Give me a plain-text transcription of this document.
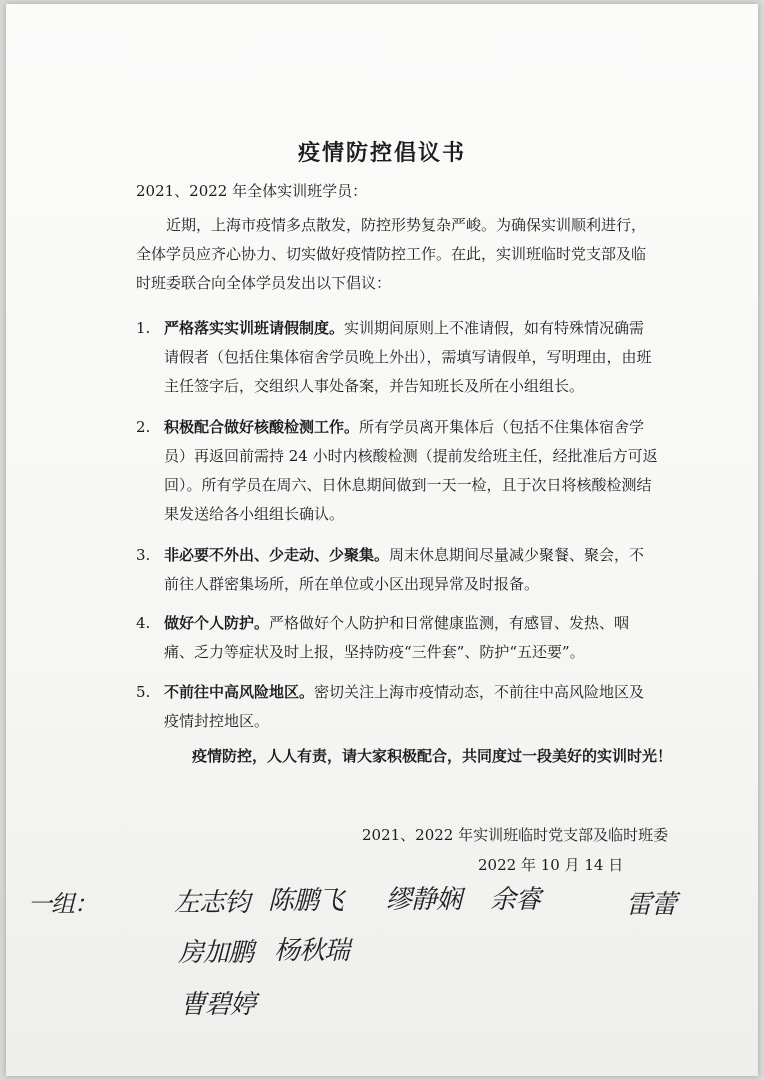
疫情防控倡议书
2021、2022 年全体实训班学员：
近期，上海市疫情多点散发，防控形势复杂严峻。为确保实训顺利进行，全体学员应齐心协力、切实做好疫情防控工作。在此，实训班临时党支部及临时班委联合向全体学员发出以下倡议：
1. 严格落实实训班请假制度。实训期间原则上不准请假，如有特殊情况确需请假者（包括住集体宿舍学员晚上外出），需填写请假单，写明理由，由班主任签字后，交组织人事处备案，并告知班长及所在小组组长。
2. 积极配合做好核酸检测工作。所有学员离开集体后（包括不住集体宿舍学员）再返回前需持 24 小时内核酸检测（提前发给班主任，经批准后方可返回）。所有学员在周六、日休息期间做到一天一检，且于次日将核酸检测结果发送给各小组组长确认。
3. 非必要不外出、少走动、少聚集。周末休息期间尽量减少聚餐、聚会，不前往人群密集场所，所在单位或小区出现异常及时报备。
4. 做好个人防护。严格做好个人防护和日常健康监测，有感冒、发热、咽痛、乏力等症状及时上报，坚持防疫“三件套”、防护“五还要”。
5. 不前往中高风险地区。密切关注上海市疫情动态，不前往中高风险地区及疫情封控地区。
疫情防控，人人有责，请大家积极配合，共同度过一段美好的实训时光！
2021、2022 年实训班临时党支部及临时班委
2022 年 10 月 14 日
一组：	左志钧 陈鹏飞 缪静娴 余睿	雷蕾
房加鹏 杨秋瑞
曹碧婷
